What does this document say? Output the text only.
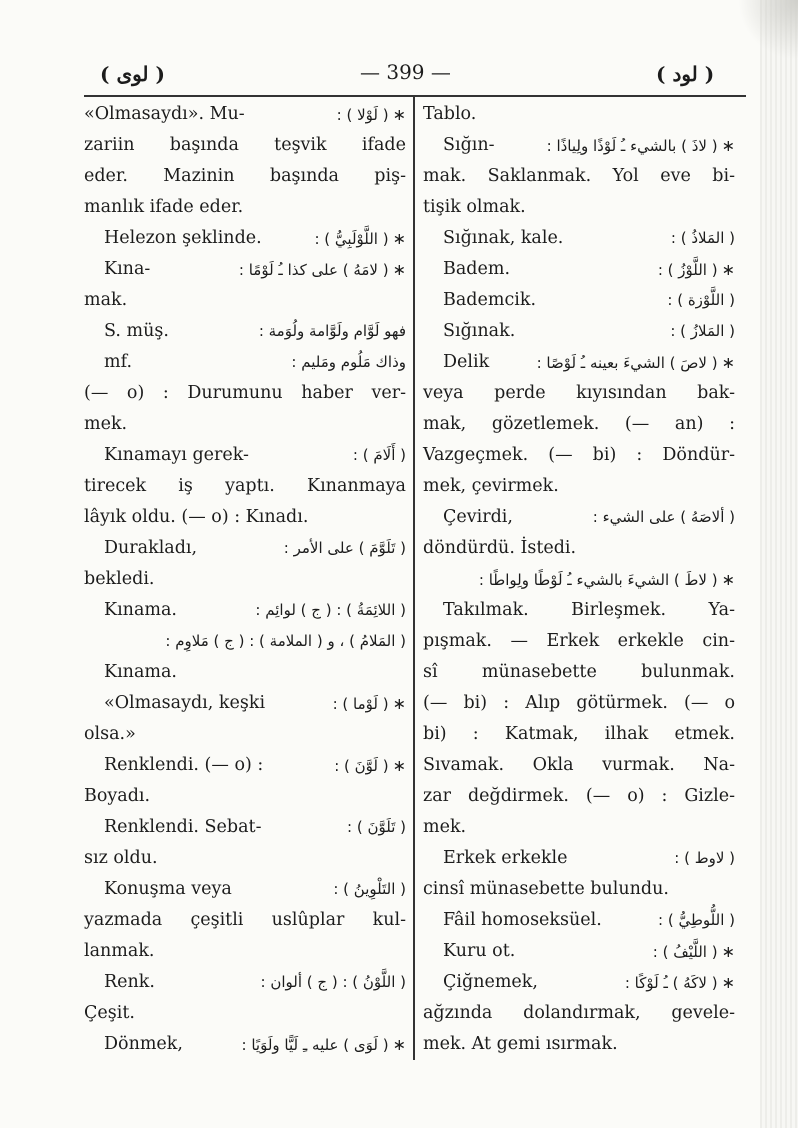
( لوى )	— 399 —	( لود )
«Olmasaydı». Mu-	∗ ( لَوْلا ) :
zariin başında teşvik ifade
eder. Mazinin başında piş-
manlık ifade eder.
Helezon şeklinde.	∗ ( اللَّوْلَبِيُّ ) :
Kına-	∗ ( لامَهُ ) على كذا ـُ لَوْمًا :
mak.
S. müş.	فهو لَوَّام ولَوَّامة ولُوَمة :
mf.	وذاك مَلُوم ومَليم :
(— o) : Durumunu haber ver-
mek.
Kınamayı gerek-	( أَلَامَ ) :
tirecek iş yaptı. Kınanmaya
lâyık oldu. (— o) : Kınadı.
Durakladı,	( تَلَوَّمَ ) على الأمر :
bekledi.
Kınama.	( اللائِمَةُ ) : ( ج ) لوائِم :
( المَلامُ ) ، و ( الملامة ) : ( ج ) مَلاوِم :
Kınama.
«Olmasaydı, keşki	∗ ( لَوْما ) :
olsa.»
Renklendi. (— o) :	∗ ( لَوَّنَ ) :
Boyadı.
Renklendi. Sebat-	( تَلَوَّنَ ) :
sız oldu.
Konuşma veya	( التَلْوِينُ ) :
yazmada çeşitli uslûplar kul-
lanmak.
Renk.	( اللَّوْنُ ) : ( ج ) ألوان :
Çeşit.
Dönmek,	∗ ( لَوَى ) عليه ـِ لَيًّا ولَوَيًا :
Tablo.
Sığın-	∗ ( لاذَ ) بالشيء ـُ لَوْذًا ولِياذًا :
mak. Saklanmak. Yol eve bi-
tişik olmak.
Sığınak, kale.	( المَلاذُ ) :
Badem.	∗ ( اللَّوْزُ ) :
Bademcik.	( اللَّوْزة ) :
Sığınak.	( المَلازُ ) :
Delik	∗ ( لاصَ ) الشيءَ بعينه ـُ لَوْصًا :
veya perde kıyısından bak-
mak, gözetlemek. (— an) :
Vazgeçmek. (— bi) : Döndür-
mek, çevirmek.
Çevirdi,	( ألاصَهُ ) على الشيء :
döndürdü. İstedi.
∗ ( لاطَ ) الشيءَ بالشيء ـُ لَوْطًا ولِواطًا :
Takılmak. Birleşmek. Ya-
pışmak. — Erkek erkekle cin-
sî münasebette bulunmak.
(— bi) : Alıp götürmek. (— o
bi) : Katmak, ilhak etmek.
Sıvamak. Okla vurmak. Na-
zar değdirmek. (— o) : Gizle-
mek.
Erkek erkekle	( لاوط ) :
cinsî münasebette bulundu.
Fâil homoseksüel.	( اللُّوطِيُّ ) :
Kuru ot.	∗ ( اللَّيْفُ ) :
Çiğnemek,	∗ ( لاكَهُ ) ـُ لَوْكًا :
ağzında dolandırmak, gevele-
mek. At gemi ısırmak.
